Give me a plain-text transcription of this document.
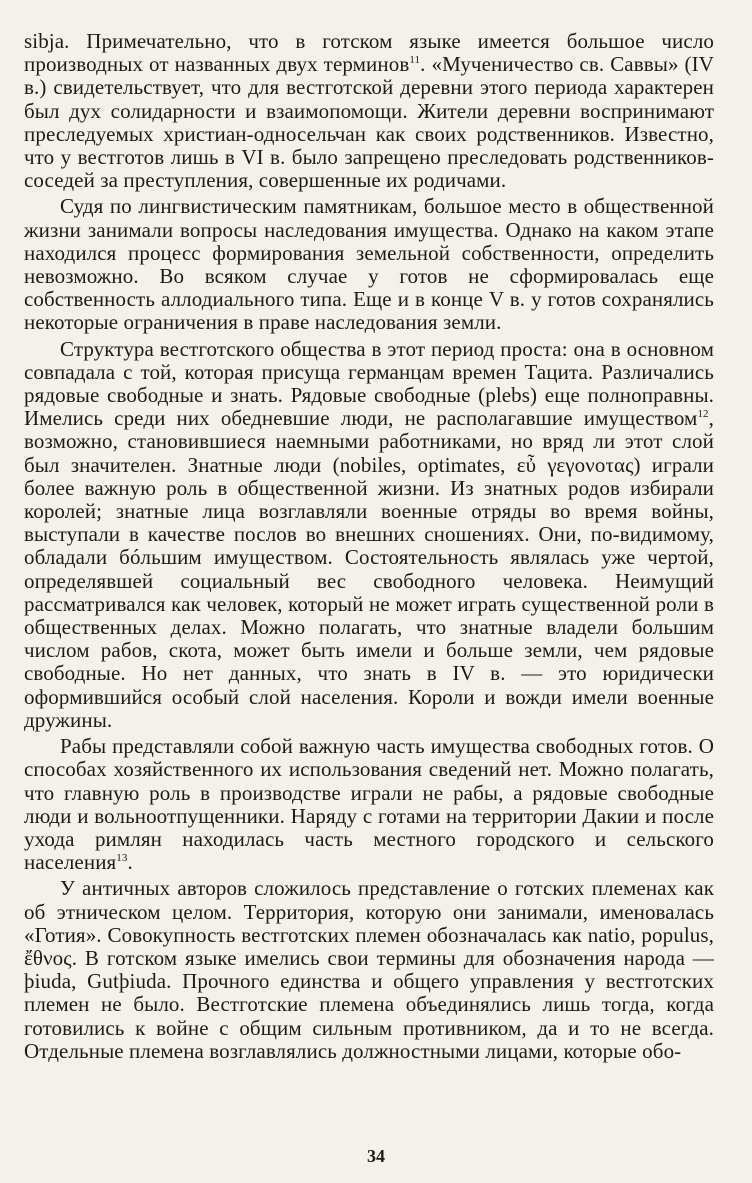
sibja. Примечательно, что в готском языке имеется большое число производных от названных двух терминов$^{11}$. «Мученичество св. Саввы» (IV в.) свидетельствует, что для вестготской деревни этого периода характерен был дух солидарности и взаимопомощи. Жители деревни воспринимают преследуемых христиан-односельчан как своих родственников. Известно, что у вестготов лишь в VI в. было запрещено преследовать родственников-соседей за преступления, совершенные их родичами.

Судя по лингвистическим памятникам, большое место в общественной жизни занимали вопросы наследования имущества. Однако на каком этапе находился процесс формирования земельной собственности, определить невозможно. Во всяком случае у готов не сформировалась еще собственность аллодиального типа. Еще и в конце V в. у готов сохранялись некоторые ограничения в праве наследования земли.

Структура вестготского общества в этот период проста: она в основном совпадала с той, которая присуща германцам времен Тацита. Различались рядовые свободные и знать. Рядовые свободные (plebs) еще полноправны. Имелись среди них обедневшие люди, не располагавшие имуществом$^{12}$, возможно, становившиеся наемными работниками, но вряд ли этот слой был значителен. Знатные люди (nobiles, optimates, εὖ γεγονοτας) играли более важную роль в общественной жизни. Из знатных родов избирали королей; знатные лица возглавляли военные отряды во время войны, выступали в качестве послов во внешних сношениях. Они, по-видимому, обладали бóльшим имуществом. Состоятельность являлась уже чертой, определявшей социальный вес свободного человека. Неимущий рассматривался как человек, который не может играть существенной роли в общественных делах. Можно полагать, что знатные владели большим числом рабов, скота, может быть имели и больше земли, чем рядовые свободные. Но нет данных, что знать в IV в. — это юридически оформившийся особый слой населения. Короли и вожди имели военные дружины.

Рабы представляли собой важную часть имущества свободных готов. О способах хозяйственного их использования сведений нет. Можно полагать, что главную роль в производстве играли не рабы, а рядовые свободные люди и вольноотпущенники. Наряду с готами на территории Дакии и после ухода римлян находилась часть местного городского и сельского населения$^{13}$.

У античных авторов сложилось представление о готских племенах как об этническом целом. Территория, которую они занимали, именовалась «Готия». Совокупность вестготских племен обозначалась как natio, populus, ἔθνος. В готском языке имелись свои термины для обозначения народа — þiuda, Gutþiuda. Прочного единства и общего управления у вестготских племен не было. Вестготские племена объединялись лишь тогда, когда готовились к войне с общим сильным противником, да и то не всегда. Отдельные племена возглавлялись должностными лицами, которые обо-

34
